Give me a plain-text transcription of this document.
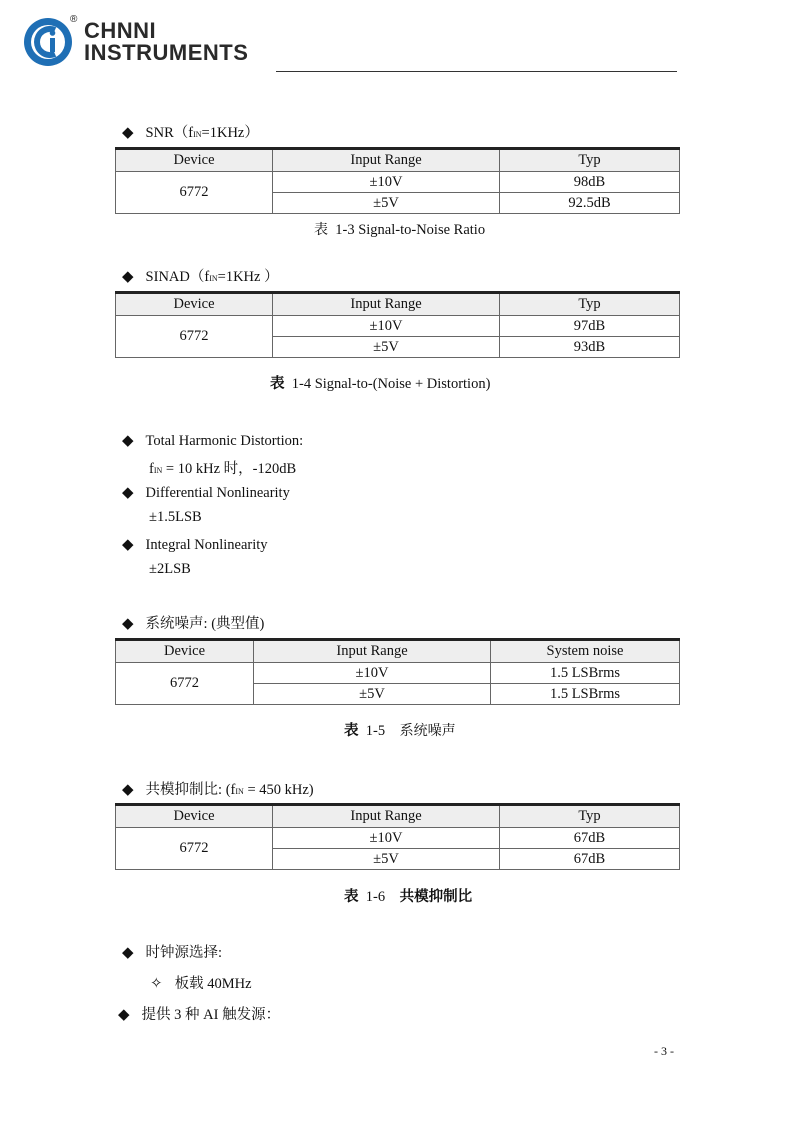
® CHNNI
INSTRUMENTS
◆ SNR（fIN=1KHz）
Device	Input Range	Typ
6772	±10V	98dB
	±5V	92.5dB
表 1-3 Signal-to-Noise Ratio
◆ SINAD（fIN=1KHz ）
Device	Input Range	Typ
6772	±10V	97dB
	±5V	93dB
表 1-4 Signal-to-(Noise + Distortion)
◆ Total Harmonic Distortion:
fIN = 10 kHz 时，-120dB
◆ Differential Nonlinearity
±1.5LSB
◆ Integral Nonlinearity
±2LSB
◆ 系统噪声: (典型值)
Device	Input Range	System noise
6772	±10V	1.5 LSBrms
	±5V	1.5 LSBrms
表 1-5 系统噪声
◆ 共模抑制比: (fIN = 450 kHz)
Device	Input Range	Typ
6772	±10V	67dB
	±5V	67dB
表 1-6 共模抑制比
◆ 时钟源选择:
✧ 板载 40MHz
◆ 提供 3 种 AI 触发源：
- 3 -
